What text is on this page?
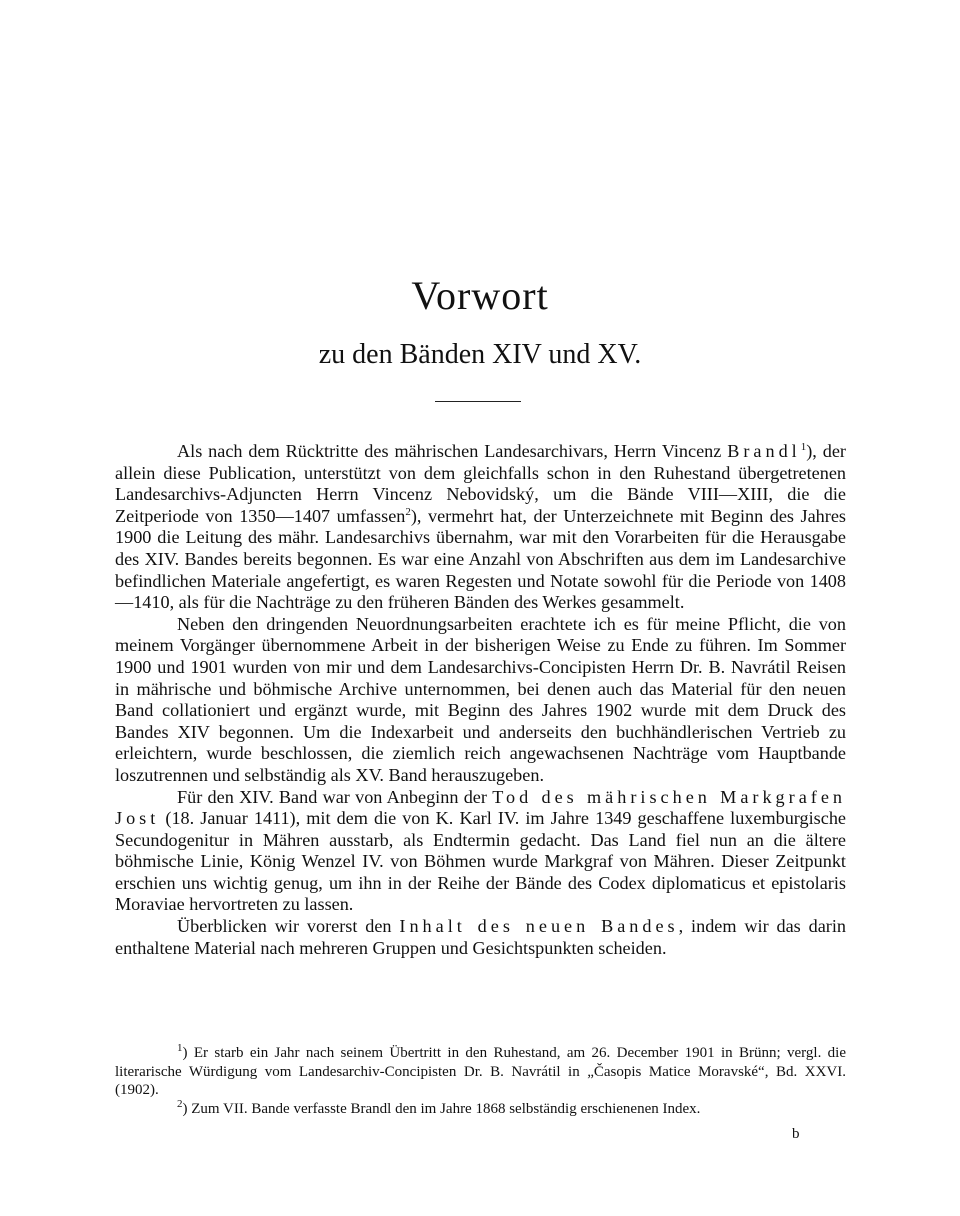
Vorwort
zu den Bänden XIV und XV.

Als nach dem Rücktritte des mährischen Landesarchivars, Herrn Vincenz Brandl$^1$), der allein diese Publication, unterstützt von dem gleichfalls schon in den Ruhestand übergetretenen Landesarchivs-Adjuncten Herrn Vincenz Nebovidský, um die Bände VIII—XIII, die die Zeitperiode von 1350—1407 umfassen$^2$), vermehrt hat, der Unterzeichnete mit Beginn des Jahres 1900 die Leitung des mähr. Landesarchivs übernahm, war mit den Vorarbeiten für die Herausgabe des XIV. Bandes bereits begonnen. Es war eine Anzahl von Abschriften aus dem im Landesarchive befindlichen Materiale angefertigt, es waren Regesten und Notate sowohl für die Periode von 1408—1410, als für die Nachträge zu den früheren Bänden des Werkes gesammelt.

Neben den dringenden Neuordnungsarbeiten erachtete ich es für meine Pflicht, die von meinem Vorgänger übernommene Arbeit in der bisherigen Weise zu Ende zu führen. Im Sommer 1900 und 1901 wurden von mir und dem Landesarchivs-Concipisten Herrn Dr. B. Navrátil Reisen in mährische und böhmische Archive unternommen, bei denen auch das Material für den neuen Band collationiert und ergänzt wurde, mit Beginn des Jahres 1902 wurde mit dem Druck des Bandes XIV begonnen. Um die Indexarbeit und anderseits den buchhändlerischen Vertrieb zu erleichtern, wurde beschlossen, die ziemlich reich angewachsenen Nachträge vom Hauptbande loszutrennen und selbständig als XV. Band herauszugeben.

Für den XIV. Band war von Anbeginn der Tod des mährischen Markgrafen Jost (18. Januar 1411), mit dem die von K. Karl IV. im Jahre 1349 geschaffene luxemburgische Secundogenitur in Mähren ausstarb, als Endtermin gedacht. Das Land fiel nun an die ältere böhmische Linie, König Wenzel IV. von Böhmen wurde Markgraf von Mähren. Dieser Zeitpunkt erschien uns wichtig genug, um ihn in der Reihe der Bände des Codex diplomaticus et epistolaris Moraviae hervortreten zu lassen.

Überblicken wir vorerst den Inhalt des neuen Bandes, indem wir das darin enthaltene Material nach mehreren Gruppen und Gesichtspunkten scheiden.

$^1$) Er starb ein Jahr nach seinem Übertritt in den Ruhestand, am 26. December 1901 in Brünn; vergl. die literarische Würdigung vom Landesarchiv-Concipisten Dr. B. Navrátil in „Časopis Matice Moravské“, Bd. XXVI. (1902).

$^2$) Zum VII. Bande verfasste Brandl den im Jahre 1868 selbständig erschienenen Index.

b
